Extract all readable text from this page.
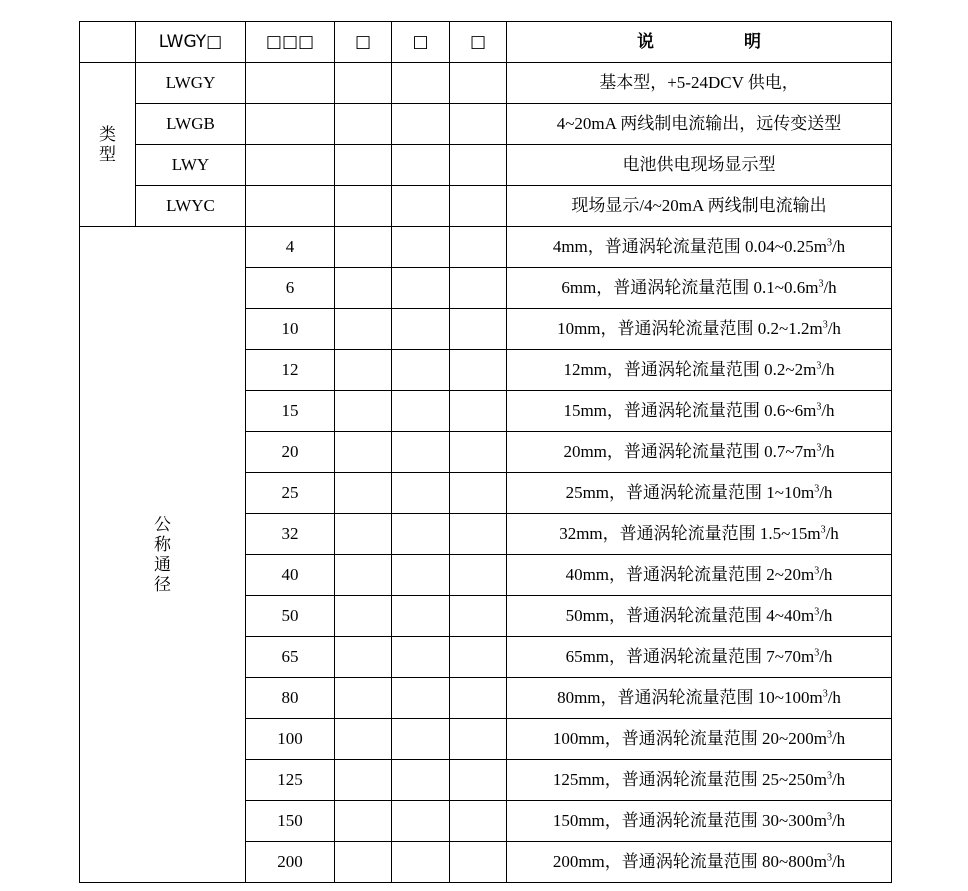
	LWGY□	□□□	□	□	□	说 明

类
型	LWGY					基本型，+5-24DCV 供电，
	LWGB					4~20mA 两线制电流输出，远传变送型
	LWY					电池供电现场显示型
	LWYC					现场显示/4~20mA 两线制电流输出

公
称
通
径		4				4mm，普通涡轮流量范围 $0.04\sim 0.25m^3/h$
		6				6mm，普通涡轮流量范围 $0.1\sim 0.6m^3/h$
		10				10mm，普通涡轮流量范围 $0.2\sim 1.2m^3/h$
		12				12mm，普通涡轮流量范围 $0.2\sim 2m^3/h$
		15				15mm，普通涡轮流量范围 $0.6\sim 6m^3/h$
		20				20mm，普通涡轮流量范围 $0.7\sim 7m^3/h$
		25				25mm，普通涡轮流量范围 $1\sim 10m^3/h$
		32				32mm，普通涡轮流量范围 $1.5\sim 15m^3/h$
		40				40mm，普通涡轮流量范围 $2\sim 20m^3/h$
		50				50mm，普通涡轮流量范围 $4\sim 40m^3/h$
		65				65mm，普通涡轮流量范围 $7\sim 70m^3/h$
		80				80mm，普通涡轮流量范围 $10\sim 100m^3/h$
		100				100mm，普通涡轮流量范围 $20\sim 200m^3/h$
		125				125mm，普通涡轮流量范围 $25\sim 250m^3/h$
		150				150mm，普通涡轮流量范围 $30\sim 300m^3/h$
		200				200mm，普通涡轮流量范围 $80\sim 800m^3/h$
